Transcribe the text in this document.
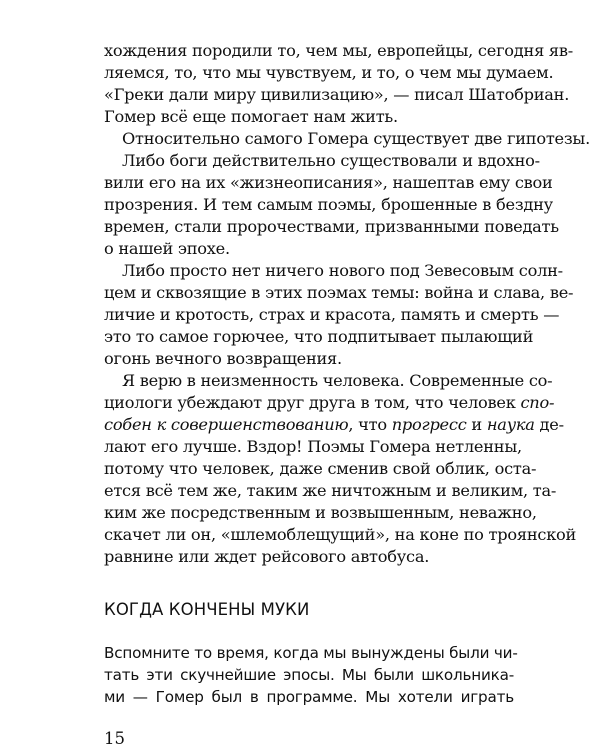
хождения породили то, чем мы, европейцы, сегодня яв-
ляемся, то, что мы чувствуем, и то, о чем мы думаем.
«Греки дали миру цивилизацию», — писал Шатобриан.
Гомер всё еще помогает нам жить.
Относительно самого Гомера существует две гипотезы.
Либо боги действительно существовали и вдохно-
вили его на их «жизнеописания», нашептав ему свои
прозрения. И тем самым поэмы, брошенные в бездну
времен, стали пророчествами, призванными поведать
о нашей эпохе.
Либо просто нет ничего нового под Зевесовым солн-
цем и сквозящие в этих поэмах темы: война и слава, ве-
личие и кротость, страх и красота, память и смерть —
это то самое горючее, что подпитывает пылающий
огонь вечного возвращения.
Я верю в неизменность человека. Современные со-
циологи убеждают друг друга в том, что человек спо-
собен к совершенствованию, что прогресс и наука де-
лают его лучше. Вздор! Поэмы Гомера нетленны,
потому что человек, даже сменив свой облик, оста-
ется всё тем же, таким же ничтожным и великим, та-
ким же посредственным и возвышенным, неважно,
скачет ли он, «шлемоблещущий», на коне по троянской
равнине или ждет рейсового автобуса.
КОГДА КОНЧЕНЫ МУКИ
Вспомните то время, когда мы вынуждены были чи-
тать эти скучнейшие эпосы. Мы были школьника-
15
ми — Гомер был в программе. Мы хотели играть
